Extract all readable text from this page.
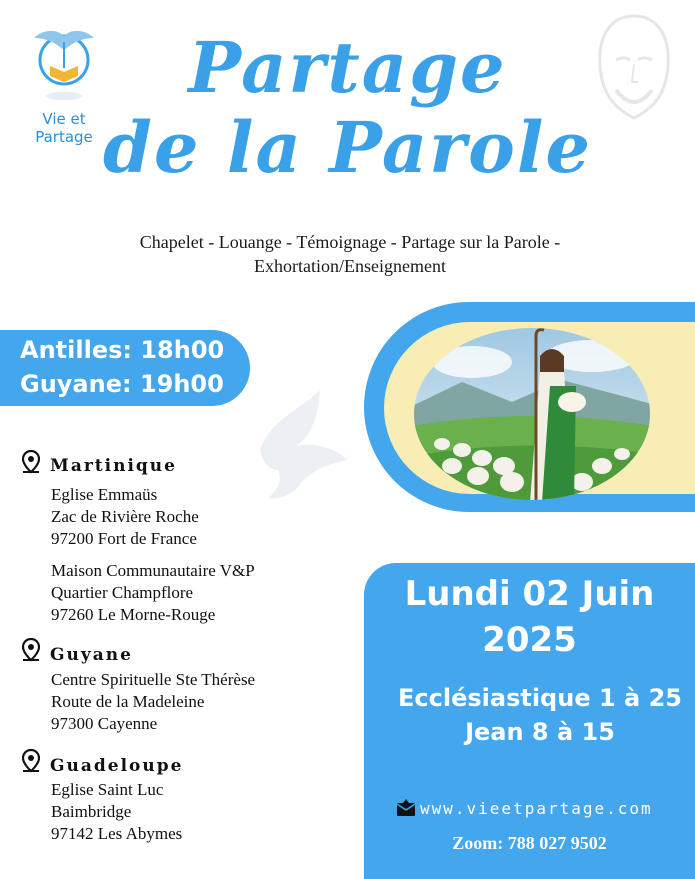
Vie et Partage
Partage
de la Parole
Chapelet - Louange - Témoignage - Partage sur la Parole -
Exhortation/Enseignement
Antilles: 18h00
Guyane: 19h00
Martinique
Eglise Emmaüs
Zac de Rivière Roche
97200 Fort de France
Maison Communautaire V&P
Quartier Champflore
97260 Le Morne-Rouge
Guyane
Centre Spirituelle Ste Thérèse
Route de la Madeleine
97300 Cayenne
Guadeloupe
Eglise Saint Luc
Baimbridge
97142 Les Abymes
Lundi 02 Juin
2025
Ecclésiastique 1 à 25
Jean 8 à 15
www.vieetpartage.com
Zoom: 788 027 9502
